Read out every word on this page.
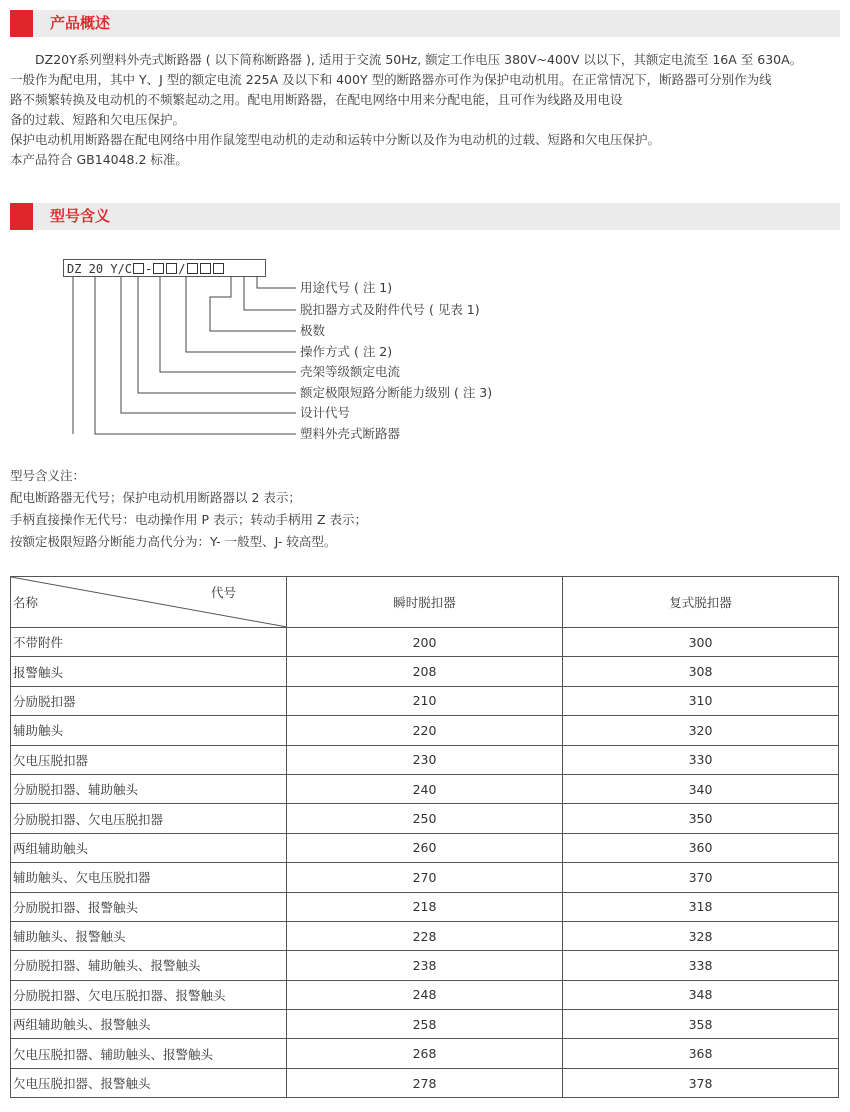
产品概述

DZ20Y系列塑料外壳式断路器 ( 以下简称断路器 ), 适用于交流 50Hz, 额定工作电压 380V~400V 以以下，其额定电流至 16A 至 630A。

一般作为配电用，其中 Y、J 型的额定电流 225A 及以下和 400Y 型的断路器亦可作为保护电动机用。在正常情况下，断路器可分别作为线

路不频繁转换及电动机的不频繁起动之用。配电用断路器，在配电网络中用来分配电能，且可作为线路及用电设

备的过载、短路和欠电压保护。

保护电动机用断路器在配电网络中用作鼠笼型电动机的走动和运转中分断以及作为电动机的过载、短路和欠电压保护。

本产品符合 GB14048.2 标准。

型号含义
DZ 20 Y/C - /
用途代号 ( 注 1)
脱扣器方式及附件代号 ( 见表 1)
极数
操作方式 ( 注 2)
壳架等级额定电流
额定极限短路分断能力级别 ( 注 3)
设计代号
塑料外壳式断路器

型号含义注：

配电断路器无代号；保护电动机用断路器以 2 表示；

手柄直接操作无代号：电动操作用 P 表示；转动手柄用 Z 表示；

按额定极限短路分断能力高代分为：Y- 一般型、J- 较高型。

代号
名称	瞬时脱扣器	复式脱扣器
不带附件	200	300
报警触头	208	308
分励脱扣器	210	310
辅助触头	220	320
欠电压脱扣器	230	330
分励脱扣器、辅助触头	240	340
分励脱扣器、欠电压脱扣器	250	350
两组辅助触头	260	360
辅助触头、欠电压脱扣器	270	370
分励脱扣器、报警触头	218	318
辅助触头、报警触头	228	328
分励脱扣器、辅助触头、报警触头	238	338
分励脱扣器、欠电压脱扣器、报警触头	248	348
两组辅助触头、报警触头	258	358
欠电压脱扣器、辅助触头、报警触头	268	368
欠电压脱扣器、报警触头	278	378
